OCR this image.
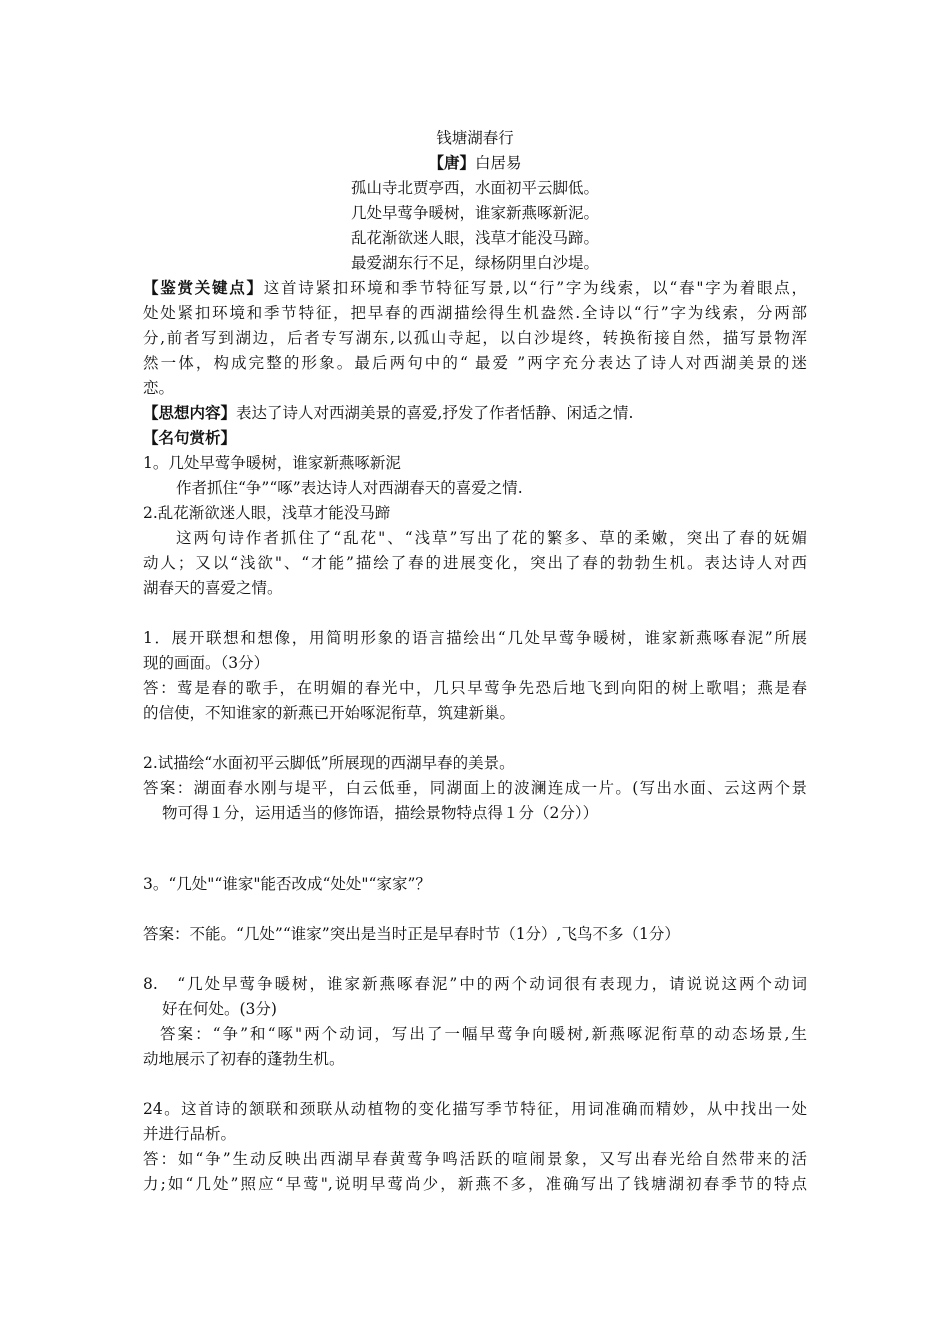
钱塘湖春行
【唐】白居易
孤山寺北贾亭西，水面初平云脚低。
几处早莺争暖树，谁家新燕啄新泥。
乱花渐欲迷人眼，浅草才能没马蹄。
最爱湖东行不足，绿杨阴里白沙堤。
【鉴赏关键点】这首诗紧扣环境和季节特征写景,以“行”字为线索，以“春"字为着眼点，
处处紧扣环境和季节特征，把早春的西湖描绘得生机盎然.全诗以“行”字为线索，分两部
分,前者写到湖边，后者专写湖东,以孤山寺起，以白沙堤终，转换衔接自然，描写景物浑
然一体，构成完整的形象。最后两句中的“ 最爱 ”两字充分表达了诗人对西湖美景的迷
恋。
【思想内容】表达了诗人对西湖美景的喜爱,抒发了作者恬静、闲适之情.
【名句赏析】
1。几处早莺争暖树，谁家新燕啄新泥
作者抓住“争”“啄”表达诗人对西湖春天的喜爱之情.
2.乱花渐欲迷人眼，浅草才能没马蹄
这两句诗作者抓住了“乱花"、“浅草”写出了花的繁多、草的柔嫩，突出了春的妩媚
动人；又以“浅欲"、“才能”描绘了春的进展变化，突出了春的勃勃生机。表达诗人对西
湖春天的喜爱之情。
1．展开联想和想像，用简明形象的语言描绘出“几处早莺争暖树，谁家新燕啄春泥”所展
现的画面。（3分）
答：莺是春的歌手，在明媚的春光中，几只早莺争先恐后地飞到向阳的树上歌唱；燕是春
的信使，不知谁家的新燕已开始啄泥衔草，筑建新巢。
2.试描绘“水面初平云脚低”所展现的西湖早春的美景。
答案：湖面春水刚与堤平，白云低垂，同湖面上的波澜连成一片。(写出水面、云这两个景
物可得１分，运用适当的修饰语，描绘景物特点得１分（2分））
3。“几处"“谁家"能否改成“处处"“家家”？
答案：不能。“几处”“谁家”突出是当时正是早春时节（1分）,飞鸟不多（1分）
8.　“几处早莺争暖树，谁家新燕啄春泥”中的两个动词很有表现力，请说说这两个动词
好在何处。(3分)
答案：“争”和“啄"两个动词，写出了一幅早莺争向暖树,新燕啄泥衔草的动态场景,生
动地展示了初春的蓬勃生机。
24。这首诗的颔联和颈联从动植物的变化描写季节特征，用词准确而精妙，从中找出一处
并进行品析。
答：如“争”生动反映出西湖早春黄莺争鸣活跃的喧闹景象，又写出春光给自然带来的活
力;如“几处”照应“早莺",说明早莺尚少，新燕不多，准确写出了钱塘湖初春季节的特点
